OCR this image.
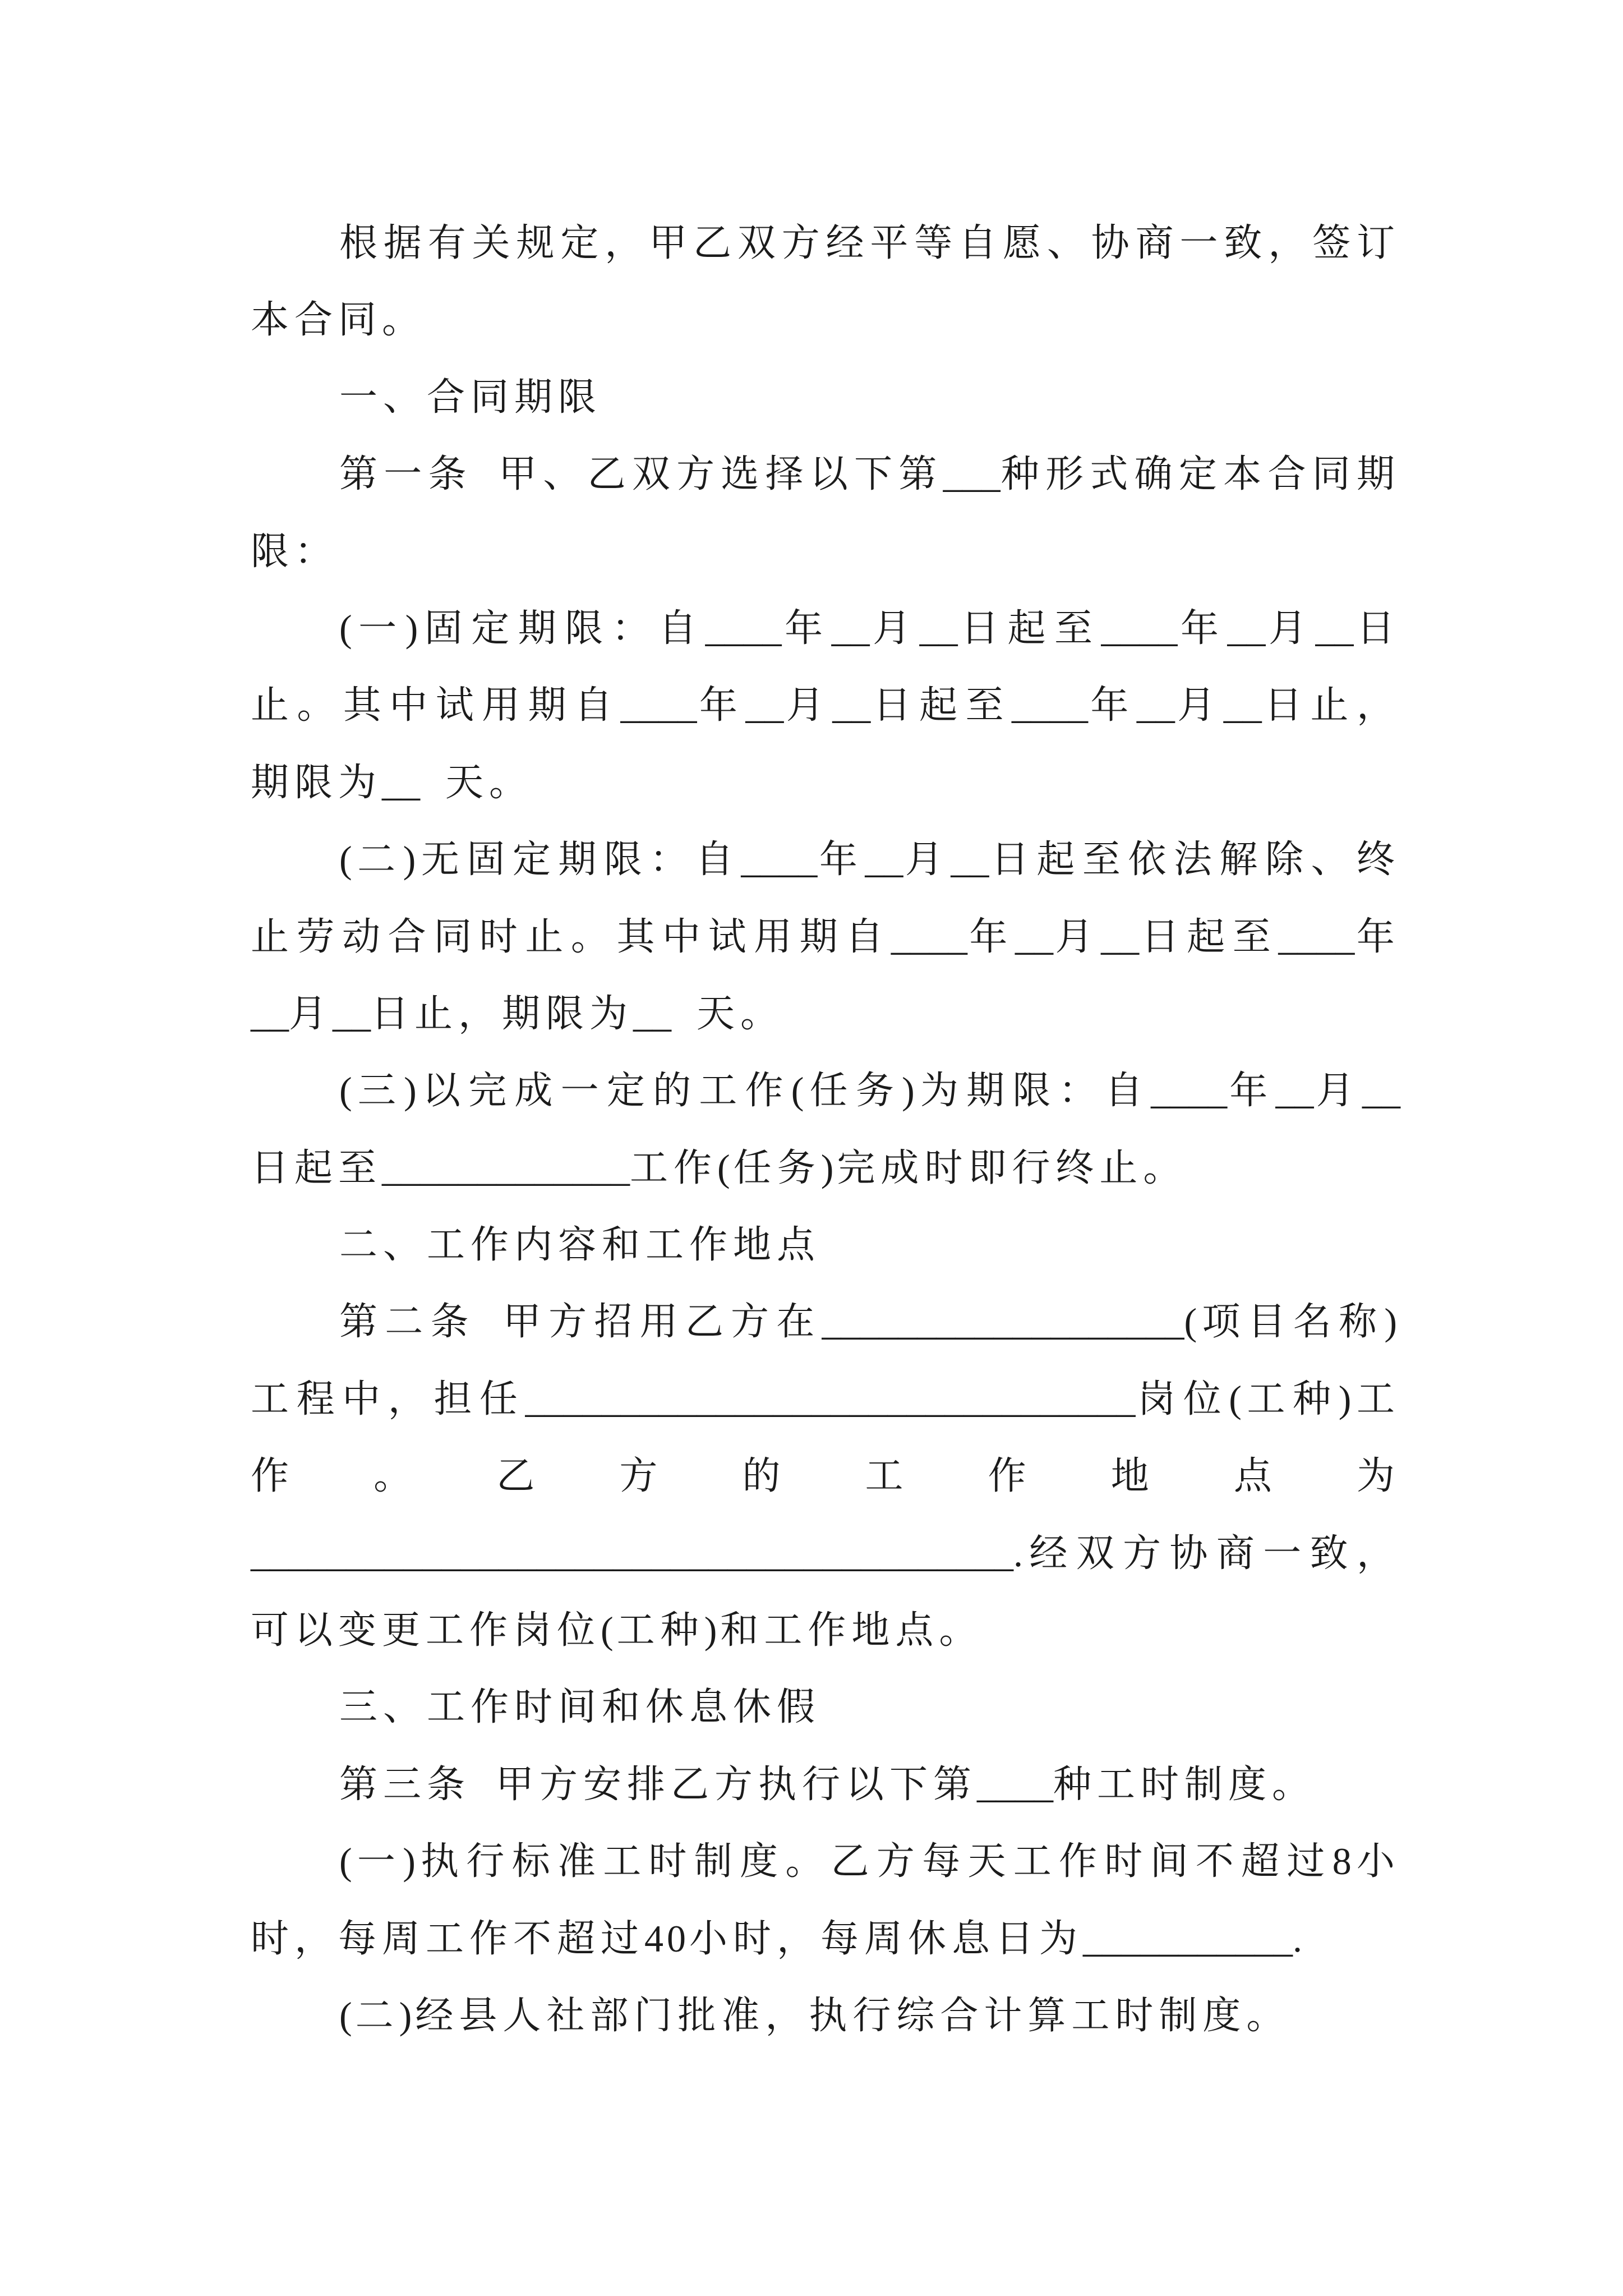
根据有关规定，甲乙双方经平等自愿、协商一致，签订
本合同。
一、合同期限
第一条 甲、乙双方选择以下第___种形式确定本合同期
限：
(一)固定期限：自____年__月__日起至____年__月__日
止。其中试用期自____年__月__日起至____年__月__日止，
期限为__ 天。
(二)无固定期限：自____年__月__日起至依法解除、终
止劳动合同时止。其中试用期自____年__月__日起至____年
__月__日止，期限为__ 天。
(三)以完成一定的工作(任务)为期限：自____年__月__
日起至_____________工作(任务)完成时即行终止。
二、工作内容和工作地点
第二条 甲方招用乙方在___________________(项目名称)
工程中，担任________________________________岗位(工种)工
作。乙方的工作地点为
________________________________________.经双方协商一致，
可以变更工作岗位(工种)和工作地点。
三、工作时间和休息休假
第三条 甲方安排乙方执行以下第____种工时制度。
(一)执行标准工时制度。乙方每天工作时间不超过8小
时，每周工作不超过40小时，每周休息日为___________.
(二)经县人社部门批准，执行综合计算工时制度。
